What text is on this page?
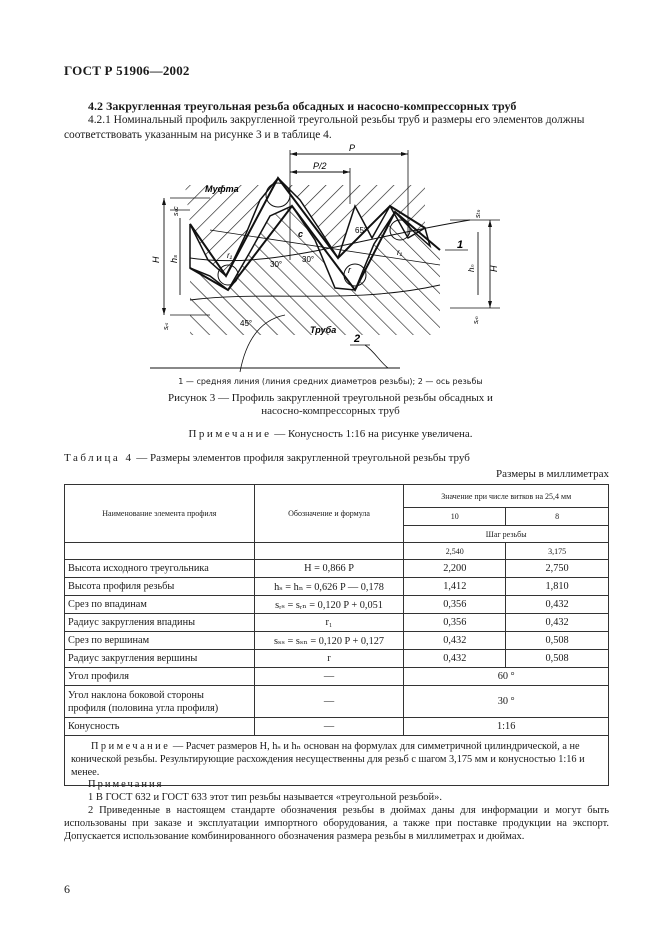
ГОСТ Р 51906—2002
4.2 Закругленная треугольная резьба обсадных и насосно-компрессорных труб
4.2.1 Номинальный профиль закругленной треугольной резьбы труб и размеры его элементов должны соответствовать указанным на рисунке 3 и в таблице 4.
P
P/2
H hₛ
sₛc
sᵣₛ
H
hₙ
sₜₙ
sᵣₙ
Муфта
Труба
65°
30°
30°
45°
c
r
r₁	r₁
1
2
1 — средняя линия (линия средних диаметров резьбы); 2 — ось резьбы
Рисунок 3 — Профиль закругленной треугольной резьбы обсадных и
насосно-компрессорных труб
Примечание — Конусность 1:16 на рисунке увеличена.
Таблица 4 — Размеры элементов профиля закругленной треугольной резьбы труб
Размеры в миллиметрах
Наименование элемента профиля	Обозначение и формула	Значение при числе витков на 25,4 мм	
		10	8
		Шаг резьбы	
		2,540	3,175
Высота исходного треугольника	H = 0,866 P	2,200	2,750
Высота профиля резьбы	hₛ = hₙ = 0,626 P — 0,178	1,412	1,810
Срез по впадинам	sᵣₛ = sᵣₙ = 0,120 P + 0,051	0,356	0,432
Радиус закругления впадины	r₁	0,356	0,432
Срез по вершинам	sₛₛ = sₛₙ = 0,120 P + 0,127	0,432	0,508
Радиус закругления вершины	r	0,432	0,508
Угол профиля	—	60 °	

Угол наклона боковой стороны
профиля (половина угла профиля)	—	30 °	
Конусность	—	1:16	
Примечание — Расчет размеров H, hₛ и hₙ основан на формулах для симметричной цилиндрической, а не конической резьбы. Результирующие расхождения несущественны для резьб с шагом 3,175 мм и конусностью 1:16 и менее.			

Примечания

1 В ГОСТ 632 и ГОСТ 633 этот тип резьбы называется «треугольной резьбой».

2 Приведенные в настоящем стандарте обозначения резьбы в дюймах даны для информации и могут быть использованы при заказе и эксплуатации импортного оборудования, а также при поставке продукции на экспорт. Допускается использование комбинированного обозначения размера резьбы в миллиметрах и дюймах.

6
